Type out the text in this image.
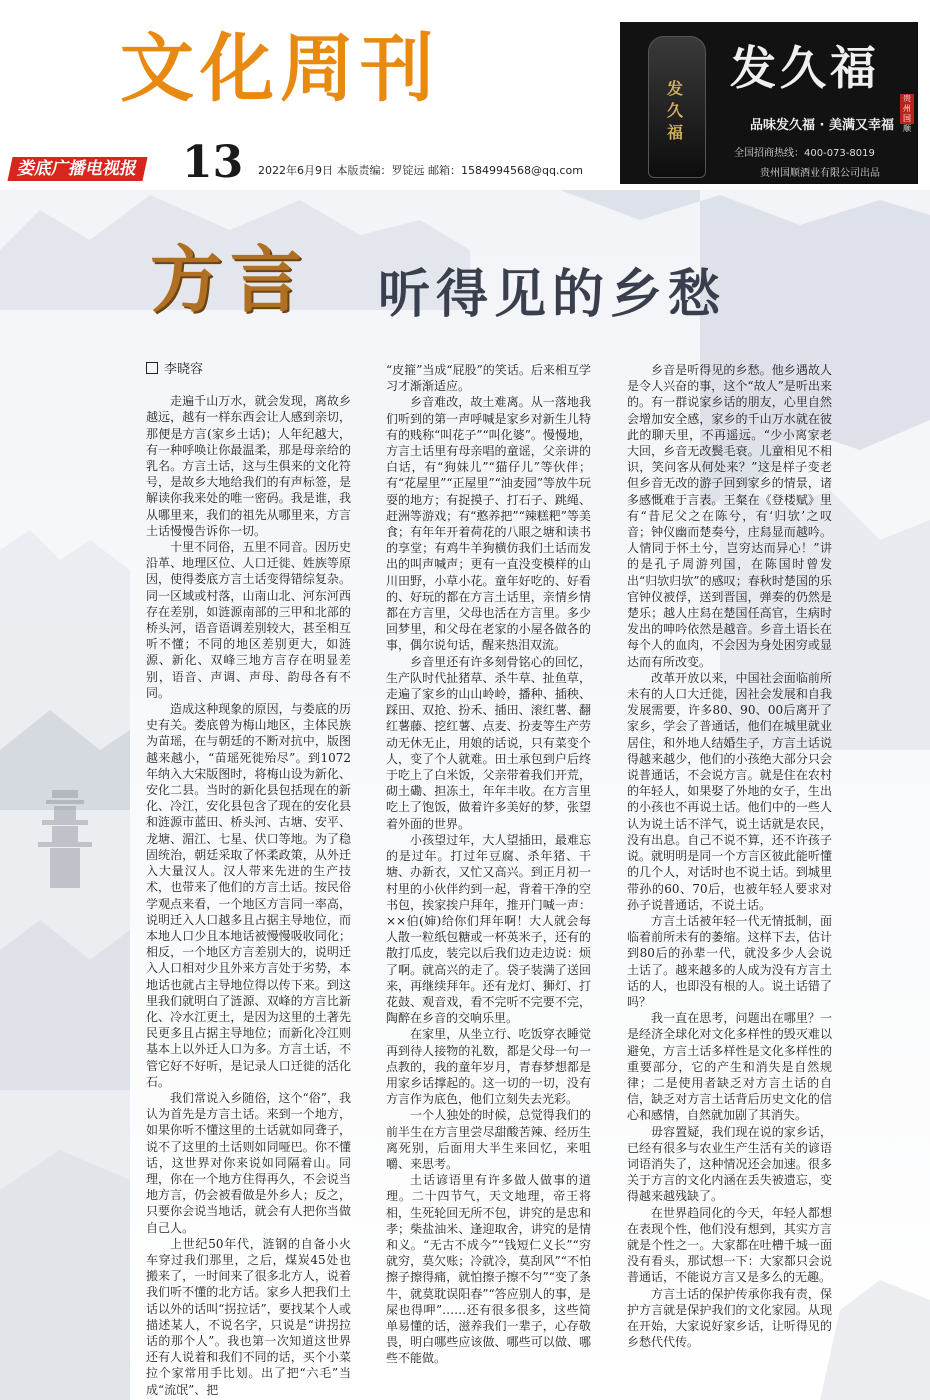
文化周刊	发久福
发久福
贵州国顺
品味发久福 · 美满又幸福
全国招商热线：400-073-8019
贵州国顺酒业有限公司出品
娄底广播电视报 13 2022年6月9日 本版责编：罗锭远 邮箱：1584994568@qq.com
方言 听得见的乡愁

李晓容

走遍千山万水，就会发现，离故乡越远，越有一样东西会让人感到亲切，那便是方言(家乡土话)；人年纪越大，有一种呼唤让你最温柔，那是母亲给的乳名。方言土话，这与生俱来的文化符号，是故乡大地给我们的有声标签，是解读你我来处的唯一密码。我是谁，我从哪里来，我们的祖先从哪里来，方言土话慢慢告诉你一切。

十里不同俗，五里不同音。因历史沿革、地理区位、人口迁徙、姓族等原因，使得娄底方言土话变得错综复杂。同一区域或村落，山南山北、河东河西存在差别，如涟源南部的三甲和北部的桥头河，语音语调差别较大，甚至相互听不懂；不同的地区差别更大，如涟源、新化、双峰三地方言存在明显差别，语音、声调、声母、韵母各有不同。

造成这种现象的原因，与娄底的历史有关。娄底曾为梅山地区，主体民族为苗瑶，在与朝廷的不断对抗中，版图越来越小，“苗瑶死徙殆尽”。到1072年纳入大宋版图时，将梅山设为新化、安化二县。当时的新化县包括现在的新化、冷江，安化县包含了现在的安化县和涟源市蓝田、桥头河、古塘、安平、龙塘、湄江、七星、伏口等地。为了稳固统治，朝廷采取了怀柔政策，从外迁入大量汉人。汉人带来先进的生产技术，也带来了他们的方言土话。按民俗学观点来看，一个地区方言同一率高，说明迁入人口越多且占据主导地位，而本地人口少且本地话被慢慢吸收同化；相反，一个地区方言差别大的，说明迁入人口相对少且外来方言处于劣势，本地话也就占主导地位得以传下来。到这里我们就明白了涟源、双峰的方言比新化、冷水江更土，是因为这里的土著先民更多且占据主导地位；而新化冷江则基本上以外迁人口为多。方言土话，不管它好不好听，是记录人口迁徙的活化石。

我们常说入乡随俗，这个“俗”，我认为首先是方言土话。来到一个地方，如果你听不懂这里的土话就如同聋子，说不了这里的土话则如同哑巴。你不懂话，这世界对你来说如同隔着山。同理，你在一个地方住得再久，不会说当地方言，仍会被看做是外乡人；反之，只要你会说当地话，就会有人把你当做自己人。

上世纪50年代，涟钢的自备小火车穿过我们那里，之后，煤炭45处也搬来了，一时间来了很多北方人，说着我们听不懂的北方话。家乡人把我们土话以外的话叫“拐拉话”，要找某个人或描述某人，不说名字，只说是“讲拐拉话的那个人”。我也第一次知道这世界还有人说着和我们不同的话，买个小菜拉个家常用手比划。出了把“六毛”当成“流氓”、把

“皮箍”当成“屁股”的笑话。后来相互学习才渐渐适应。

乡音难改，故土难离。从一落地我们听到的第一声呼喊是家乡对新生儿特有的贱称“叫花子”“叫化婆”。慢慢地，方言土话里有母亲唱的童谣，父亲讲的白话，有“狗妹儿”“猫仔儿”等伙伴；有“花屋里”“正屋里”“油麦园”等放牛玩耍的地方；有捉摸子、打石子、跳绳、赶洲等游戏；有“憨养把”“辣糕粑”等美食；有年年开着荷花的八眼之塘和读书的享堂；有鸡牛羊狗横仿我们土话而发出的叫声喊声；更有一直没变模样的山川田野，小草小花。童年好吃的、好看的、好玩的都在方言土话里，亲情乡情都在方言里，父母也活在方言里。多少回梦里，和父母在老家的小屋各做各的事，偶尔说句话，醒来热泪双流。

乡音里还有许多刻骨铭心的回忆，生产队时代扯猪草、杀牛草、扯鱼草，走遍了家乡的山山岭岭，播种、插秧、踩田、双抢、扮禾、插田、滚红薯、翻红薯藤、挖红薯、点麦、扮麦等生产劳动无休无止，用娘的话说，只有菜变个人，变了个人就难。田土承包到户后终于吃上了白米饭，父亲带着我们开荒，砌土磡、担冻土，年年丰收。在方言里吃上了饱饭，做着许多美好的梦，张望着外面的世界。

小孩望过年，大人望插田，最难忘的是过年。打过年豆腐、杀年猪、干塘、办新衣，又忙又高兴。到正月初一村里的小伙伴约到一起，背着干净的空书包，挨家挨户拜年，推开门喊一声：××伯(婶)给你们拜年啊！大人就会每人散一粒纸包糖或一杯英米子，还有的散打瓜皮，装完以后我们边走边说：烦了啊。就高兴的走了。袋子装满了送回来，再继续拜年。还有龙灯、狮灯、打花鼓、观音戏，看不完听不完要不完，陶醉在乡音的交响乐里。

在家里，从坐立行、吃饭穿衣睡觉再到待人接物的礼数，都是父母一句一点教的，我的童年岁月，青春梦想都是用家乡话撑起的。这一切的一切，没有方言作为底色，他们立刻失去光彩。

一个人独处的时候，总觉得我们的前半生在方言里尝尽甜酸苦辣、经历生离死别，后面用大半生来回忆，来咀嚼、来思考。

土话谚语里有许多做人做事的道理。二十四节气，天文地理，帝王将相，生死轮回无所不包，讲究的是忠和孝；柴盐油米、逢迎取舍，讲究的是情和义。“无古不成今”“钱短仁义长”“穷就穷，莫欠账；冷就冷，莫刮风”“不怕擦子擦得痛，就怕擦子擦不匀”“变了条牛，就莫耽误阳春”“答应别人的事，是屎也得呷”……还有很多很多，这些简单易懂的话，滋养我们一辈子，心存敬畏，明白哪些应该做、哪些可以做、哪些不能做。

乡音是听得见的乡愁。他乡遇故人是令人兴奋的事，这个“故人”是听出来的。有一群说家乡话的朋友，心里自然会增加安全感，家乡的千山万水就在彼此的聊天里，不再遥远。“少小离家老大回，乡音无改鬓毛衰。儿童相见不相识，笑问客从何处来？”这是样子变老但乡音无改的游子回到家乡的情景，诸多感慨难于言表。王粲在《登楼赋》里有“昔尼父之在陈兮，有‘归欤’之叹音；钟仪幽而楚奏兮，庄舄显而越吟。人情同于怀土兮，岂穷达而异心！”讲的是孔子周游列国，在陈国时曾发出“归欤归欤”的感叹；春秋时楚国的乐官钟仪被俘，送到晋国，弹奏的仍然是楚乐；越人庄舄在楚国任高官，生病时发出的呻吟依然是越音。乡音土语长在每个人的血肉，不会因为身处困穷或显达而有所改变。

改革开放以来，中国社会面临前所未有的人口大迁徙，因社会发展和自我发展需要，许多80、90、00后离开了家乡，学会了普通话，他们在城里就业居住，和外地人结婚生子，方言土话说得越来越少，他们的小孩绝大部分只会说普通话，不会说方言。就是住在农村的年轻人，如果娶了外地的女子，生出的小孩也不再说土话。他们中的一些人认为说土话不洋气，说土话就是农民，没有出息。自己不说不算，还不许孩子说。就明明是同一个方言区彼此能听懂的几个人，对话时也不说土话。到城里带孙的60、70后，也被年轻人要求对孙子说普通话，不说土话。

方言土话被年轻一代无情抵制，面临着前所未有的萎缩。这样下去，估计到80后的孙辈一代，就没多少人会说土话了。越来越多的人成为没有方言土话的人，也即没有根的人。说土话错了吗？

我一直在思考，问题出在哪里？一是经济全球化对文化多样性的毁灭难以避免，方言土话多样性是文化多样性的重要部分，它的产生和消失是自然规律；二是使用者缺乏对方言土话的自信，缺乏对方言土话背后历史文化的信心和感情，自然就加剧了其消失。

毋容置疑，我们现在说的家乡话，已经有很多与农业生产生活有关的谚语词语消失了，这种情况还会加速。很多关于方言的文化内涵在丢失被遗忘，变得越来越残缺了。

在世界趋同化的今天，年轻人都想在表现个性，他们没有想到，其实方言就是个性之一。大家都在吐槽千城一面没有看头，那试想一下：大家都只会说普通话，不能说方言又是多么的无趣。

方言土话的保护传承你我有责，保护方言就是保护我们的文化家园。从现在开始，大家说好家乡话，让听得见的乡愁代代传。
